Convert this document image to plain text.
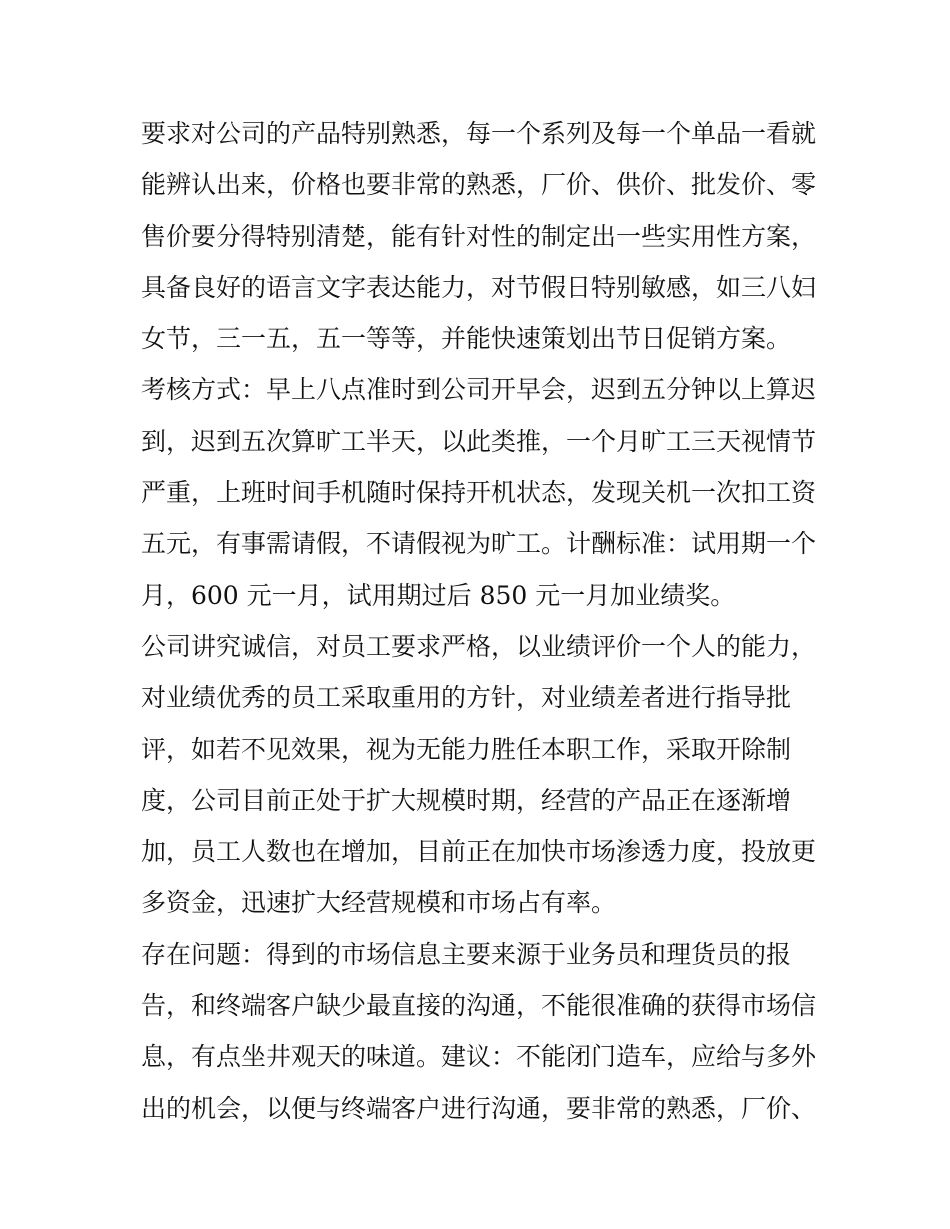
要求对公司的产品特别熟悉，每一个系列及每一个单品一看就
能辨认出来，价格也要非常的熟悉，厂价、供价、批发价、零
售价要分得特别清楚，能有针对性的制定出一些实用性方案，
具备良好的语言文字表达能力，对节假日特别敏感，如三八妇
女节，三一五，五一等等，并能快速策划出节日促销方案。
考核方式：早上八点准时到公司开早会，迟到五分钟以上算迟
到，迟到五次算旷工半天，以此类推，一个月旷工三天视情节
严重，上班时间手机随时保持开机状态，发现关机一次扣工资
五元，有事需请假，不请假视为旷工。计酬标准：试用期一个
月，600 元一月，试用期过后 850 元一月加业绩奖。
公司讲究诚信，对员工要求严格，以业绩评价一个人的能力，
对业绩优秀的员工采取重用的方针，对业绩差者进行指导批
评，如若不见效果，视为无能力胜任本职工作，采取开除制
度，公司目前正处于扩大规模时期，经营的产品正在逐渐增
加，员工人数也在增加，目前正在加快市场渗透力度，投放更
多资金，迅速扩大经营规模和市场占有率。
存在问题：得到的市场信息主要来源于业务员和理货员的报
告，和终端客户缺少最直接的沟通，不能很准确的获得市场信
息，有点坐井观天的味道。建议：不能闭门造车，应给与多外
出的机会，以便与终端客户进行沟通，要非常的熟悉，厂价、
